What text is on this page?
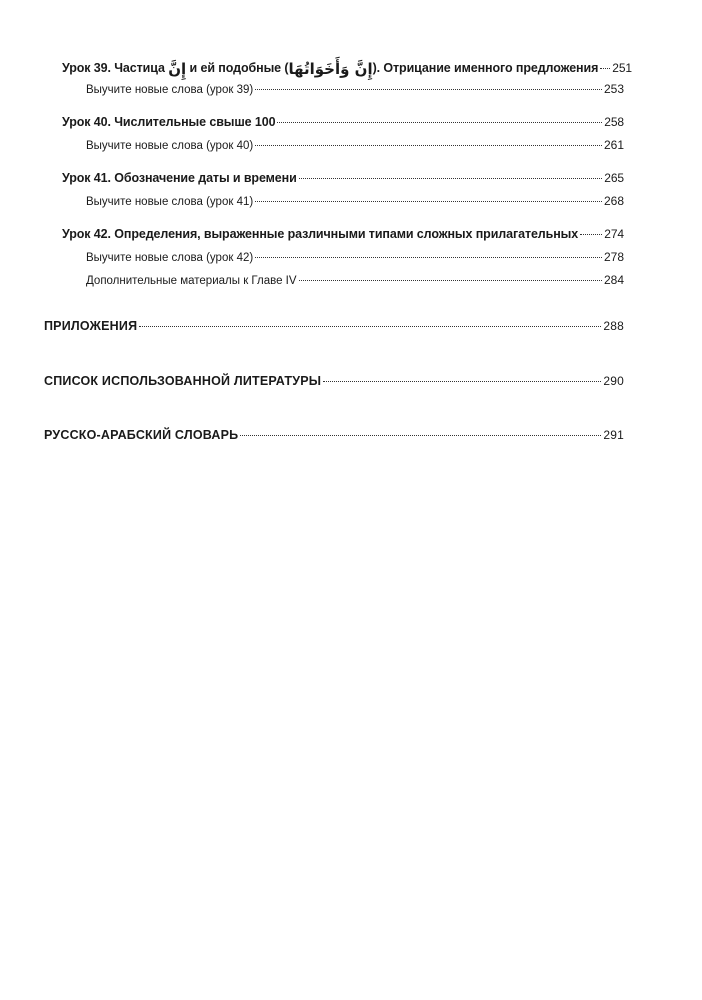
Урок 39. Частица إِنَّ и ей подобные (إِنَّ وَأَخَوَاتُهَا). Отрицание именного предложения 251
Выучите новые слова (урок 39)	253
Урок 40. Числительные свыше 100	258
Выучите новые слова (урок 40)	261
Урок 41. Обозначение даты и времени	265
Выучите новые слова (урок 41)	268
Урок 42. Определения, выраженные различными типами сложных прилагательных 274
Выучите новые слова (урок 42)	278
Дополнительные материалы к Главе IV	284
ПРИЛОЖЕНИЯ	288
СПИСОК ИСПОЛЬЗОВАННОЙ ЛИТЕРАТУРЫ	290
РУССКО-АРАБСКИЙ СЛОВАРЬ	291
